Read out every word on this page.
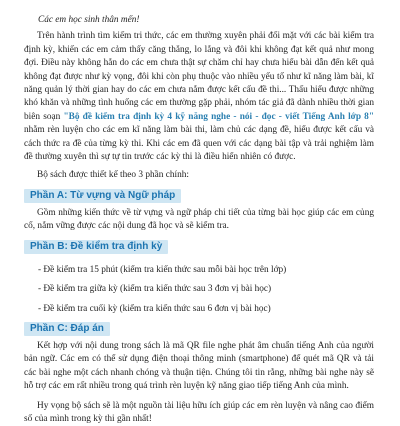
Các em học sinh thân mến!

Trên hành trình tìm kiếm tri thức, các em thường xuyên phải đối mặt với các bài kiểm tra định kỳ, khiến các em cảm thấy căng thẳng, lo lắng và đôi khi không đạt kết quả như mong đợi. Điều này không hẳn do các em chưa thật sự chăm chỉ hay chưa hiểu bài dẫn đến kết quả không đạt được như kỳ vọng, đôi khi còn phụ thuộc vào nhiều yếu tố như kĩ năng làm bài, kĩ năng quản lý thời gian hay do các em chưa nắm được kết cấu đề thi... Thấu hiểu được những khó khăn và những tình huống các em thường gặp phải, nhóm tác giả đã dành nhiều thời gian biên soạn "Bộ đề kiểm tra định kỳ 4 kỹ năng nghe - nói - đọc - viết Tiếng Anh lớp 8" nhằm rèn luyện cho các em kĩ năng làm bài thi, làm chủ các dạng đề, hiểu được kết cấu và cách thức ra đề của từng kỳ thi. Khi các em đã quen với các dạng bài tập và trải nghiệm làm đề thường xuyên thì sự tự tin trước các kỳ thi là điều hiển nhiên có được.

Bộ sách được thiết kế theo 3 phần chính:

Phần A: Từ vựng và Ngữ pháp

Gồm những kiến thức về từ vựng và ngữ pháp chi tiết của từng bài học giúp các em củng cố, nắm vững được các nội dung đã học và sẽ kiểm tra.

Phần B: Đề kiểm tra định kỳ
- Đề kiểm tra 15 phút (kiểm tra kiến thức sau mỗi bài học trên lớp)
- Đề kiểm tra giữa kỳ (kiểm tra kiến thức sau 3 đơn vị bài học)
- Đề kiểm tra cuối kỳ (kiểm tra kiến thức sau 6 đơn vị bài học)
Phần C: Đáp án

Kết hợp với nội dung trong sách là mã QR file nghe phát âm chuẩn tiếng Anh của người bản ngữ. Các em có thể sử dụng điện thoại thông minh (smartphone) để quét mã QR và tải các bài nghe một cách nhanh chóng và thuận tiện. Chúng tôi tin rằng, những bài nghe này sẽ hỗ trợ các em rất nhiều trong quá trình rèn luyện kỹ năng giao tiếp tiếng Anh của mình.

Hy vọng bộ sách sẽ là một nguồn tài liệu hữu ích giúp các em rèn luyện và nâng cao điểm số của mình trong kỳ thi gần nhất!
